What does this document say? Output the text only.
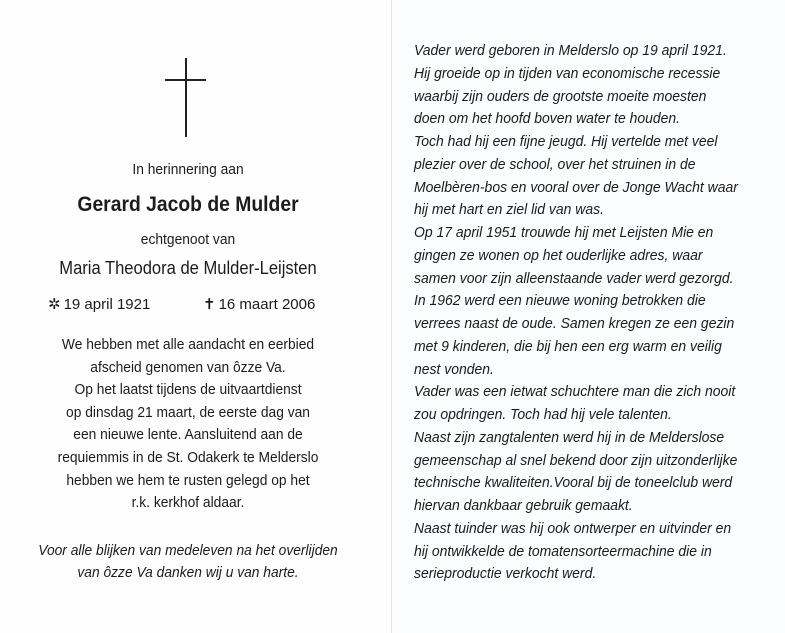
In herinnering aan
Gerard Jacob de Mulder
echtgenoot van
Maria Theodora de Mulder-Leijsten
✲ 19 april 1921	✝ 16 maart 2006
We hebben met alle aandacht en eerbied
afscheid genomen van ôzze Va.
Op het laatst tijdens de uitvaartdienst
op dinsdag 21 maart, de eerste dag van
een nieuwe lente. Aansluitend aan de
requiemmis in de St. Odakerk te Melderslo
hebben we hem te rusten gelegd op het
r.k. kerkhof aldaar.
Voor alle blijken van medeleven na het overlijden
van ôzze Va danken wij u van harte.
Vader werd geboren in Melderslo op 19 april 1921.
Hij groeide op in tijden van economische recessie
waarbij zijn ouders de grootste moeite moesten
doen om het hoofd boven water te houden.
Toch had hij een fijne jeugd. Hij vertelde met veel
plezier over de school, over het struinen in de
Moelbèren-bos en vooral over de Jonge Wacht waar
hij met hart en ziel lid van was.
Op 17 april 1951 trouwde hij met Leijsten Mie en
gingen ze wonen op het ouderlijke adres, waar
samen voor zijn alleenstaande vader werd gezorgd.
In 1962 werd een nieuwe woning betrokken die
verrees naast de oude. Samen kregen ze een gezin
met 9 kinderen, die bij hen een erg warm en veilig
nest vonden.
Vader was een ietwat schuchtere man die zich nooit
zou opdringen. Toch had hij vele talenten.
Naast zijn zangtalenten werd hij in de Melderslose
gemeenschap al snel bekend door zijn uitzonderlijke
technische kwaliteiten.Vooral bij de toneelclub werd
hiervan dankbaar gebruik gemaakt.
Naast tuinder was hij ook ontwerper en uitvinder en
hij ontwikkelde de tomatensorteermachine die in
serieproductie verkocht werd.
